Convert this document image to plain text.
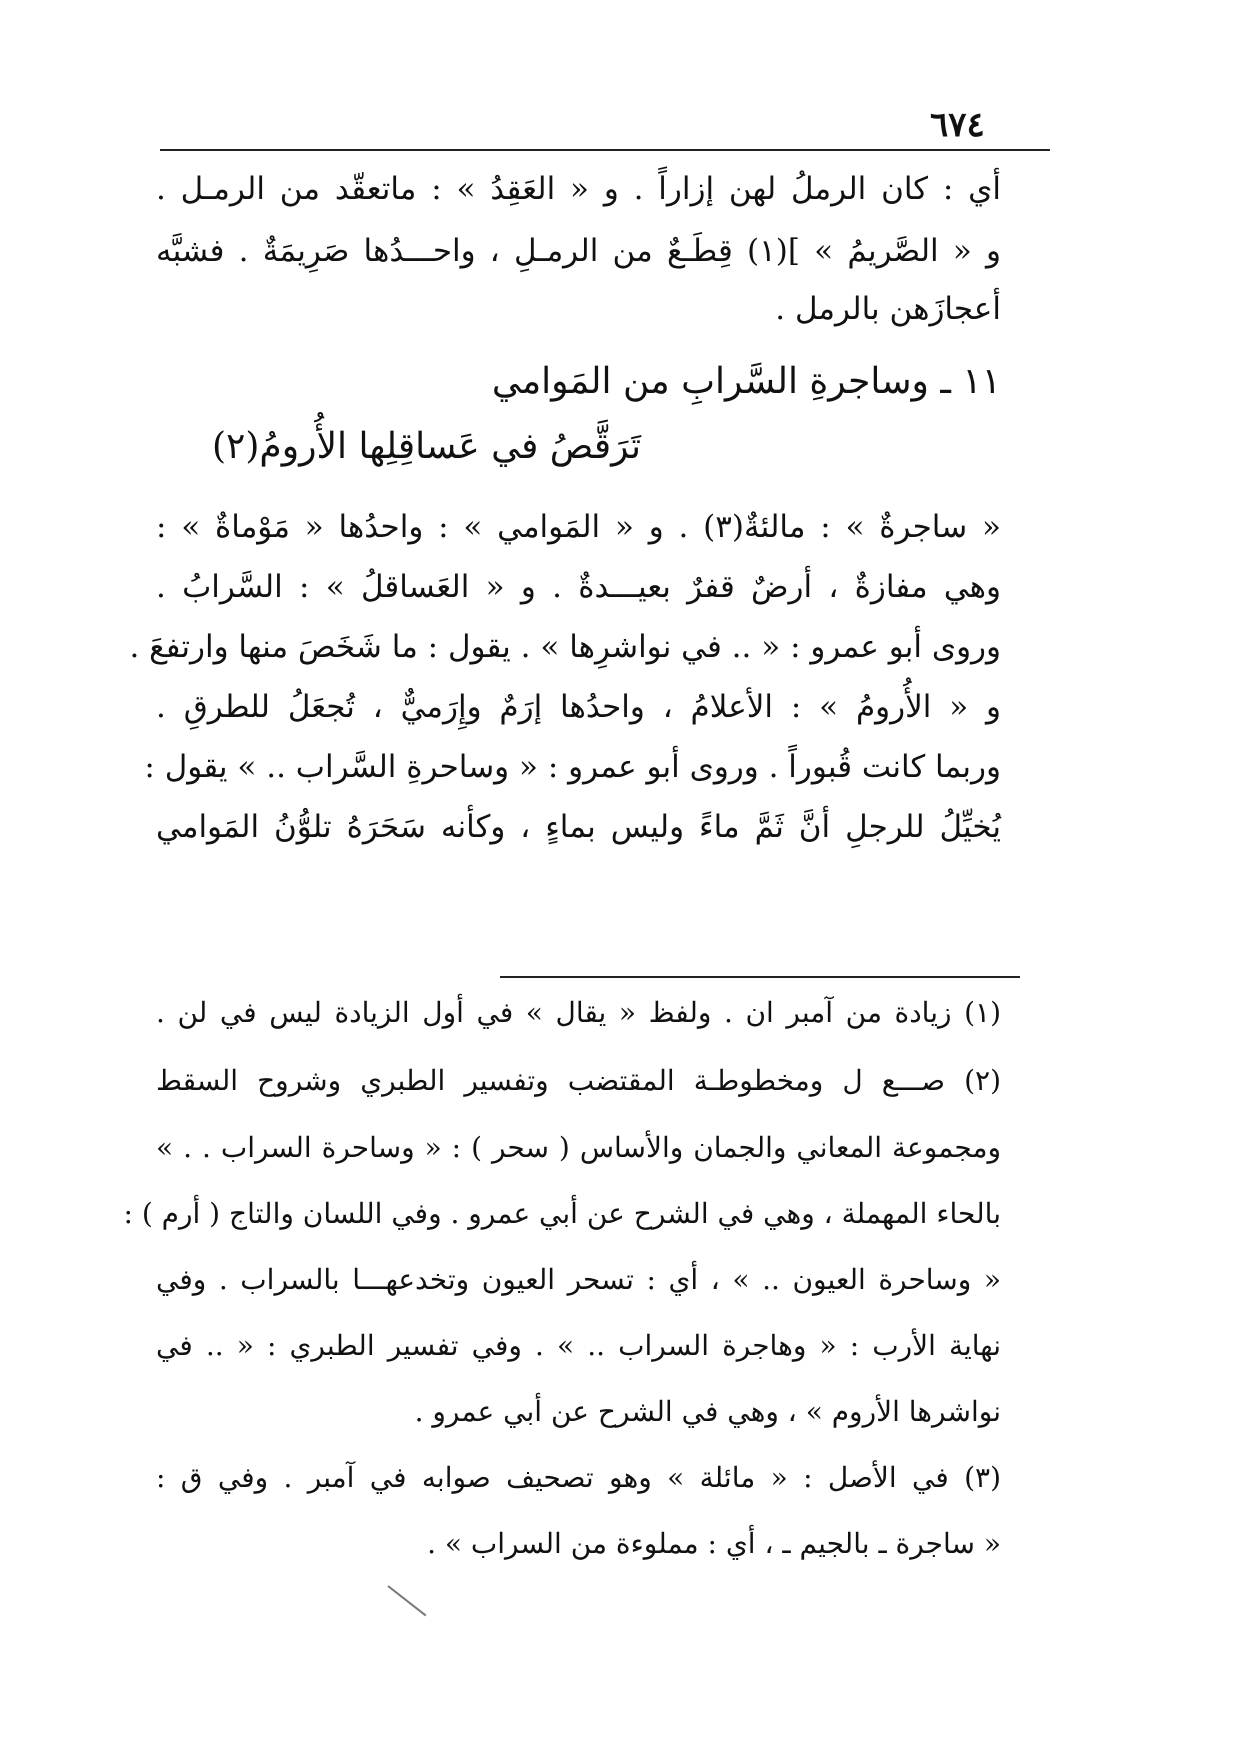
٦٧٤
أي : كان الرملُ لهن إزاراً . و « العَقِدُ » : ماتعقّد من الرمـل .
و « الصَّريمُ » ](١) قِطَـعٌ من الرمـلِ ، واحـــدُها صَرِيمَةٌ . فشبَّه
أعجازَهن بالرمل .
١١ ـ وساجرةِ السَّرابِ من المَوامي
تَرَقَّصُ في عَساقِلِها الأُرومُ(٢)
« ساجرةٌ » : مالئةٌ(٣) . و « المَوامي » : واحدُها « مَوْماةٌ » :
وهي مفازةٌ ، أرضٌ قفرٌ بعيـــدةٌ . و « العَساقلُ » : السَّرابُ .
وروى أبو عمرو : « .. في نواشرِها » . يقول : ما شَخَصَ منها وارتفعَ .
و « الأُرومُ » : الأعلامُ ، واحدُها إرَمٌ وإِرَميٌّ ، تُجعَلُ للطرقِ .
وربما كانت قُبوراً . وروى أبو عمرو : « وساحرةِ السَّراب .. » يقول :
يُخيِّلُ للرجلِ أنَّ ثَمَّ ماءً وليس بماءٍ ، وكأنه سَحَرَهُ تلوُّنُ المَوامي
(١) زيادة من آمبر ان . ولفظ « يقال » في أول الزيادة ليس في لن .
(٢) صـــع ل ومخطوطـة المقتضب وتفسير الطبري وشروح السقط
ومجموعة المعاني والجمان والأساس ( سحر ) : « وساحرة السراب . . »
بالحاء المهملة ، وهي في الشرح عن أبي عمرو . وفي اللسان والتاج ( أرم ) :
« وساحرة العيون .. » ، أي : تسحر العيون وتخدعهـــا بالسراب . وفي
نهاية الأرب : « وهاجرة السراب .. » . وفي تفسير الطبري : « .. في
نواشرها الأروم » ، وهي في الشرح عن أبي عمرو .
(٣) في الأصل : « مائلة » وهو تصحيف صوابه في آمبر . وفي ق :
« ساجرة ـ بالجيم ـ ، أي : مملوءة من السراب » .
